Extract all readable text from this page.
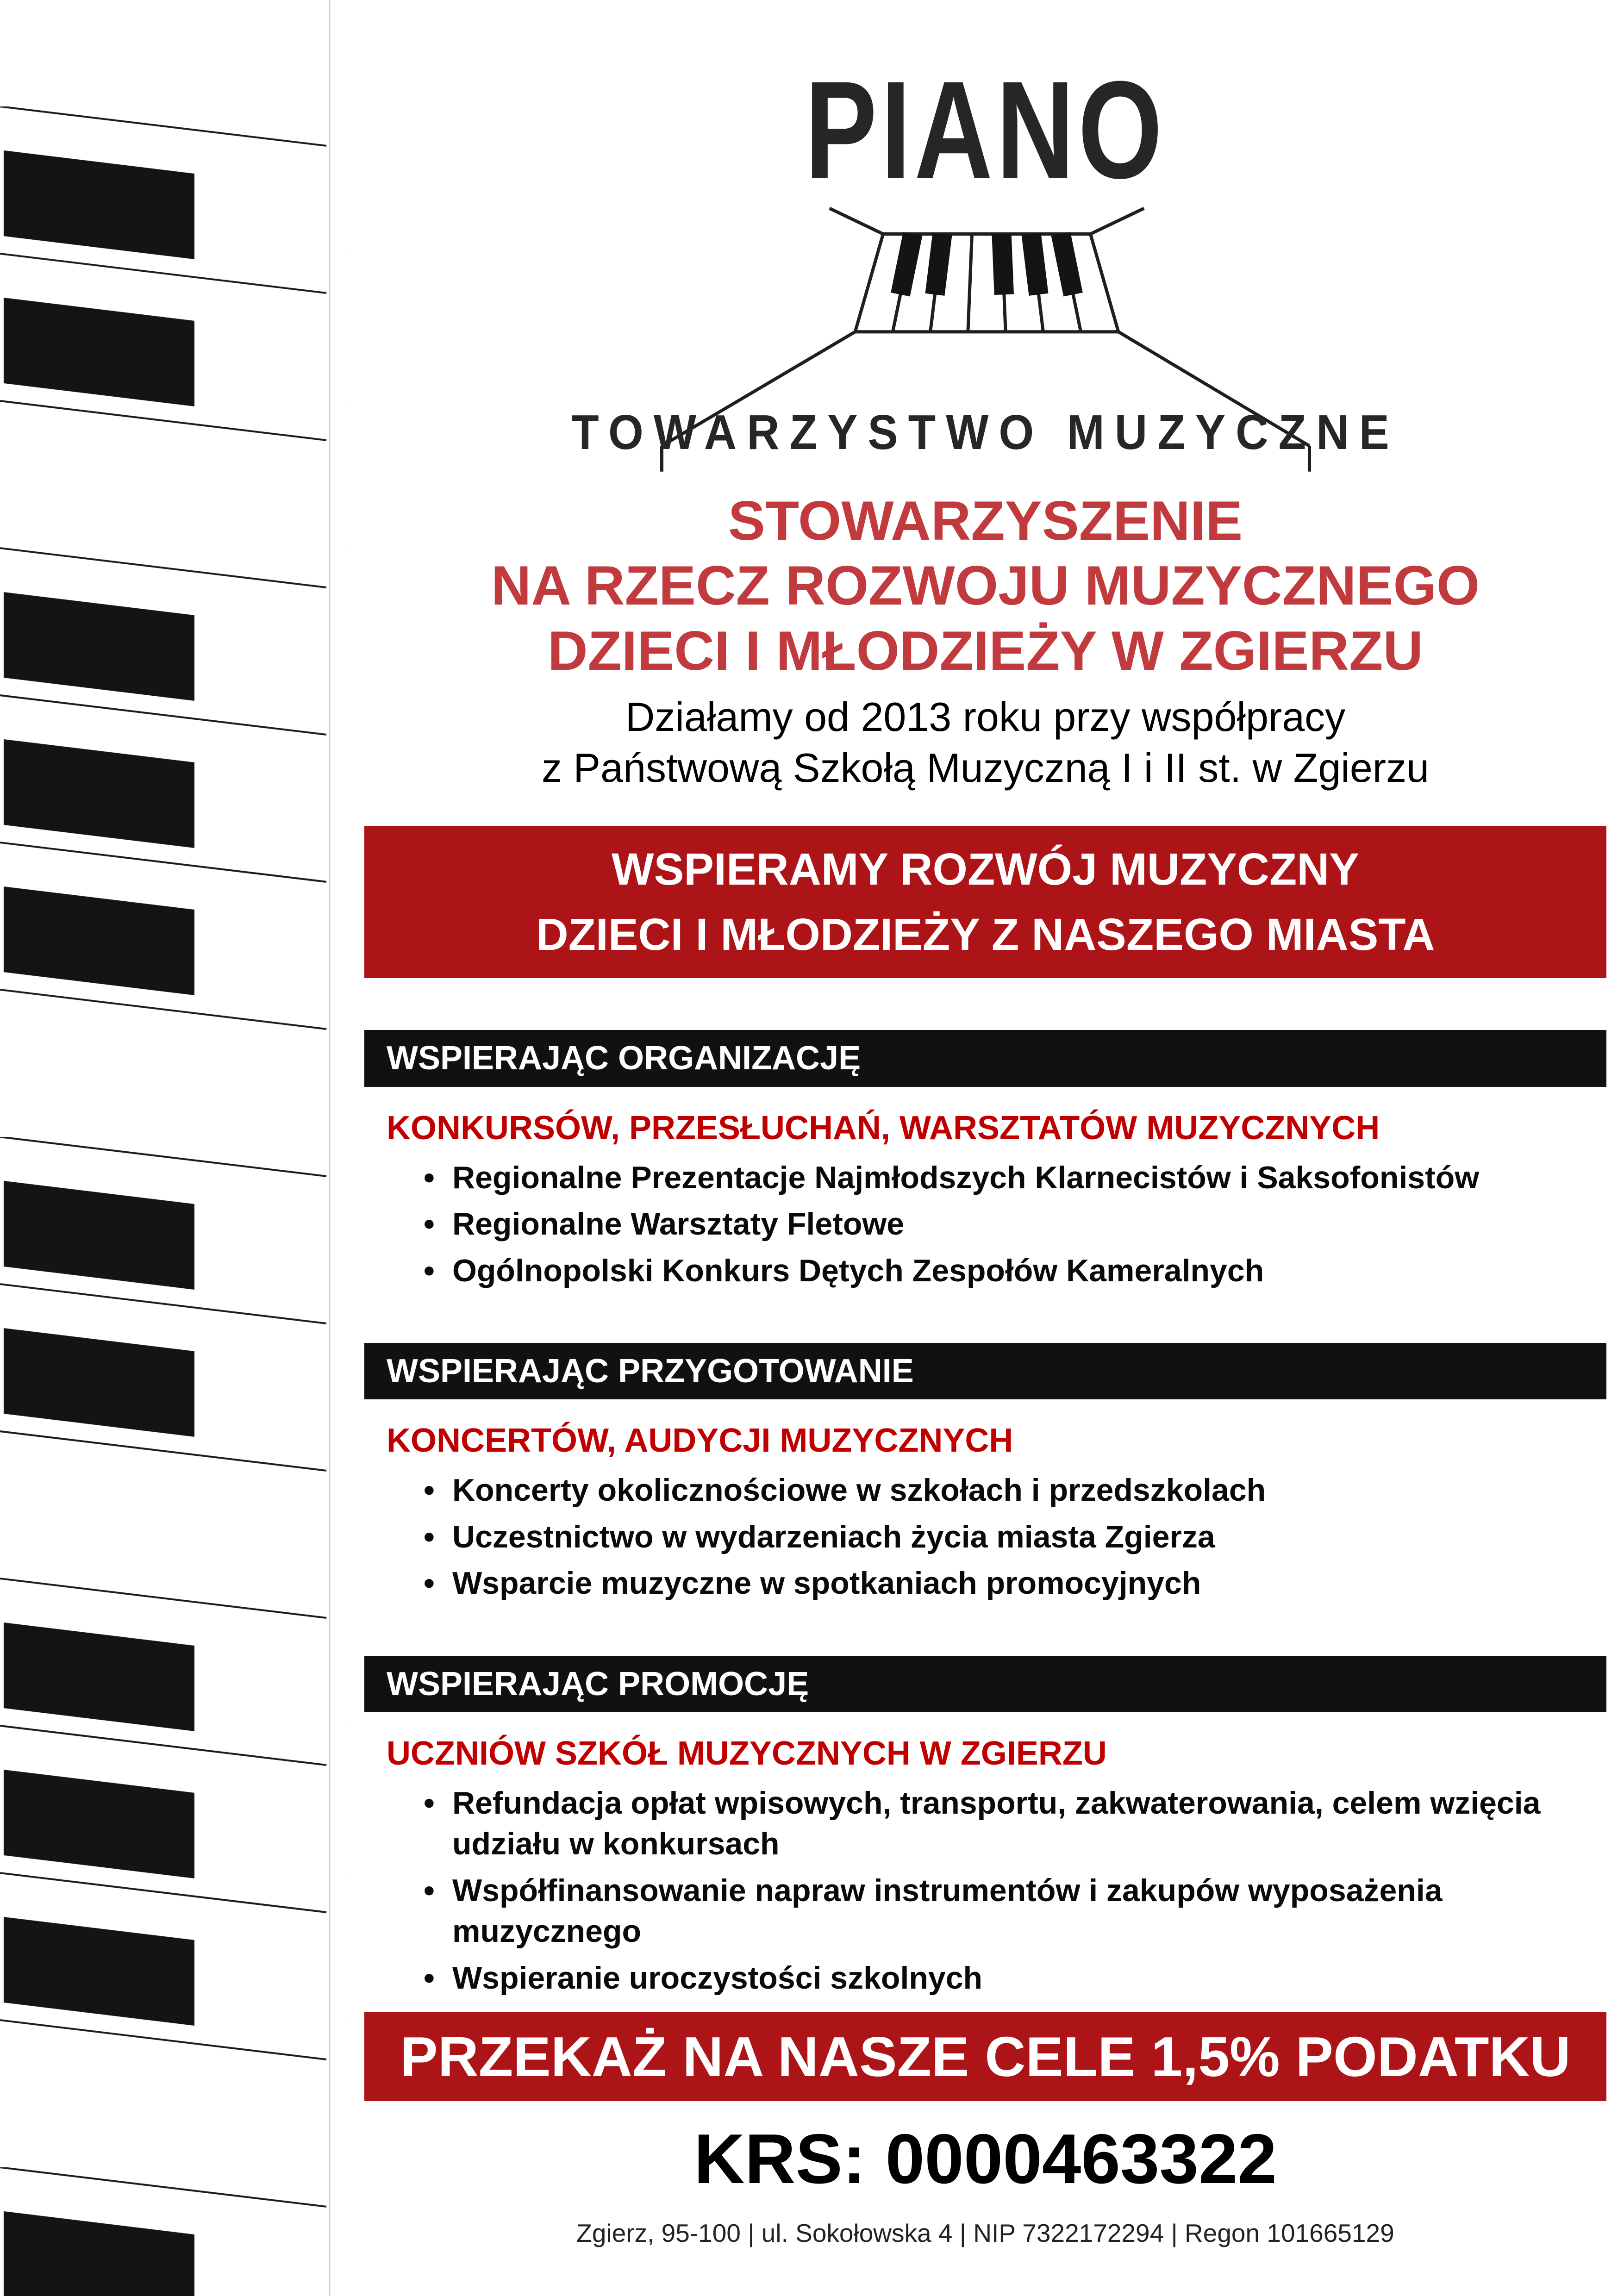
PIANO
TOWARZYSTWO MUZYCZNE
STOWARZYSZENIE
NA RZECZ ROZWOJU MUZYCZNEGO
DZIECI I MŁODZIEŻY W ZGIERZU
Działamy od 2013 roku przy współpracy
z Państwową Szkołą Muzyczną I i II st. w Zgierzu
WSPIERAMY ROZWÓJ MUZYCZNY
DZIECI I MŁODZIEŻY Z NASZEGO MIASTA
WSPIERAJĄC ORGANIZACJĘ
KONKURSÓW, PRZESŁUCHAŃ, WARSZTATÓW MUZYCZNYCH
• Regionalne Prezentacje Najmłodszych Klarnecistów i Saksofonistów
• Regionalne Warsztaty Fletowe
• Ogólnopolski Konkurs Dętych Zespołów Kameralnych
WSPIERAJĄC PRZYGOTOWANIE
KONCERTÓW, AUDYCJI MUZYCZNYCH
• Koncerty okolicznościowe w szkołach i przedszkolach
• Uczestnictwo w wydarzeniach życia miasta Zgierza
• Wsparcie muzyczne w spotkaniach promocyjnych
WSPIERAJĄC PROMOCJĘ
UCZNIÓW SZKÓŁ MUZYCZNYCH W ZGIERZU
• Refundacja opłat wpisowych, transportu, zakwaterowania, celem wzięcia udziału w konkursach
• Współfinansowanie napraw instrumentów i zakupów wyposażenia muzycznego
• Wspieranie uroczystości szkolnych
PRZEKAŻ NA NASZE CELE 1,5% PODATKU
KRS: 0000463322
Zgierz, 95-100 | ul. Sokołowska 4 | NIP 7322172294 | Regon 101665129
